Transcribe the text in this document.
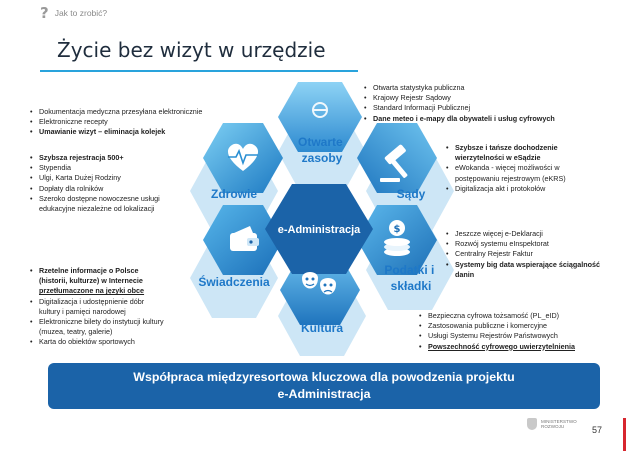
? Jak to zrobić?
Życie bez wizyt w urzędzie
e-Administracja	$
Otwarte zasoby
Zdrowie	Sądy
Świadczenia
Podatki i składki
Kultura
• Dokumentacja medyczna przesyłana elektronicznie
• Elektroniczne recepty
• Umawianie wizyt – eliminacja kolejek
• Szybsza rejestracja 500+
• Stypendia
• Ulgi, Karta Dużej Rodziny
• Dopłaty dla rolników
• Szeroko dostępne nowoczesne usługi
edukacyjne niezależne od lokalizacji
• Rzetelne informacje o Polsce
(historii, kulturze) w Internecie
przetłumaczone na języki obce
• Digitalizacja i udostępnienie dóbr
kultury i pamięci narodowej
• Elektroniczne bilety do instytucji kultury
(muzea, teatry, galerie)
• Karta do obiektów sportowych
• Otwarta statystyka publiczna
• Krajowy Rejestr Sądowy
• Standard Informacji Publicznej
• Dane meteo i e-mapy dla obywateli i usług cyfrowych
• Szybsze i tańsze dochodzenie
wierzytelności w eSądzie
• eWokanda - więcej możliwości w
postępowaniu rejestrowym (eKRS)
• Digitalizacja akt i protokołów
• Jeszcze więcej e-Deklaracji
• Rozwój systemu eInspektorat
• Centralny Rejestr Faktur
• Systemy big data wspierające ściągalność
danin
• Bezpieczna cyfrowa tożsamość (PL_eID)
• Zastosowania publiczne i komercyjne
• Usługi Systemu Rejestrów Państwowych
• Powszechność cyfrowego uwierzytelnienia
Współpraca międzyresortowa kluczowa dla powodzenia projektu
e-Administracja
MINISTERSTWO
ROZWOJU	57
